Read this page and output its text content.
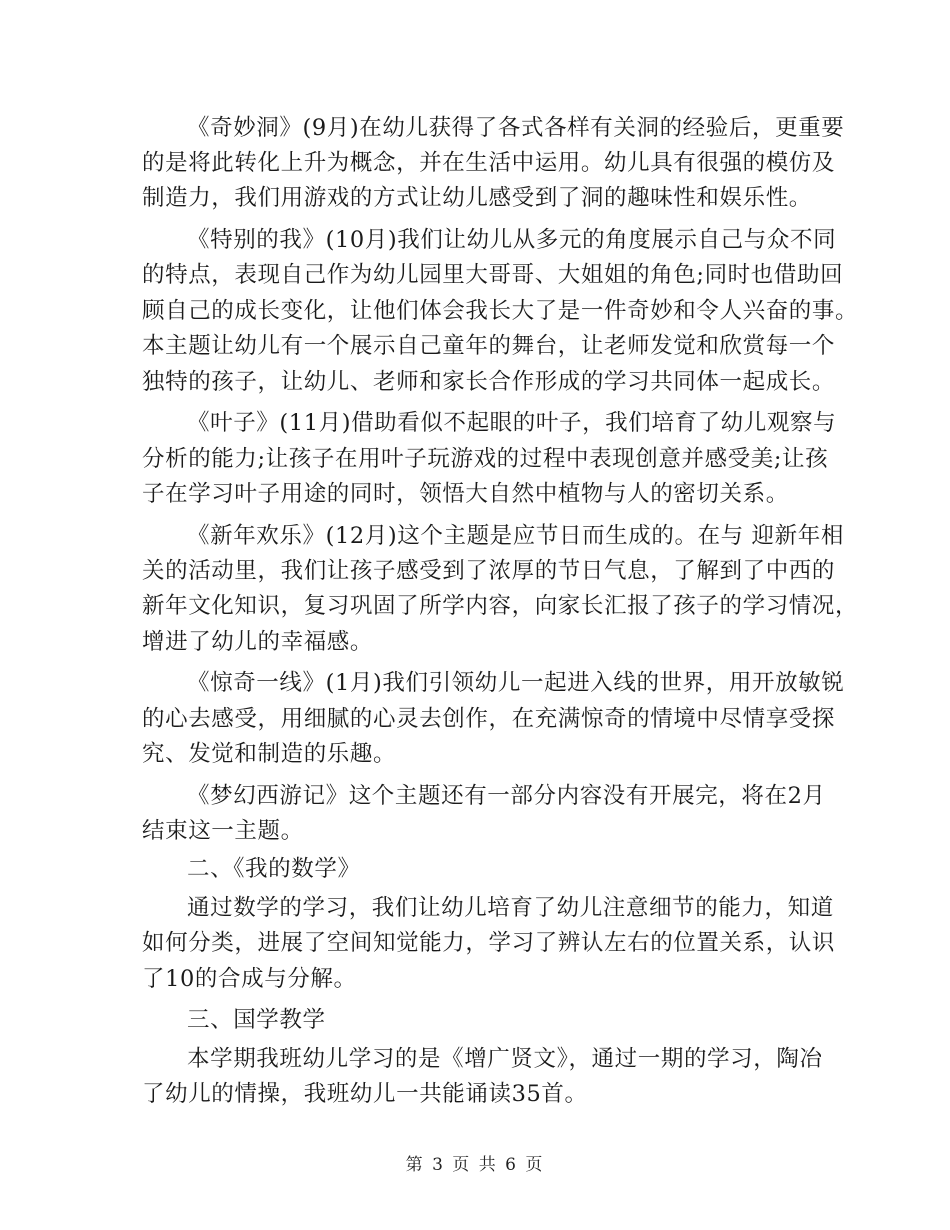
《奇妙洞》(9月)在幼儿获得了各式各样有关洞的经验后，更重要
的是将此转化上升为概念，并在生活中运用。幼儿具有很强的模仿及
制造力，我们用游戏的方式让幼儿感受到了洞的趣味性和娱乐性。
《特别的我》(10月)我们让幼儿从多元的角度展示自己与众不同
的特点，表现自己作为幼儿园里大哥哥、大姐姐的角色;同时也借助回
顾自己的成长变化，让他们体会我长大了是一件奇妙和令人兴奋的事。
本主题让幼儿有一个展示自己童年的舞台，让老师发觉和欣赏每一个
独特的孩子，让幼儿、老师和家长合作形成的学习共同体一起成长。
《叶子》(11月)借助看似不起眼的叶子，我们培育了幼儿观察与
分析的能力;让孩子在用叶子玩游戏的过程中表现创意并感受美;让孩
子在学习叶子用途的同时，领悟大自然中植物与人的密切关系。
《新年欢乐》(12月)这个主题是应节日而生成的。在与 迎新年相
关的活动里，我们让孩子感受到了浓厚的节日气息，了解到了中西的
新年文化知识，复习巩固了所学内容，向家长汇报了孩子的学习情况，
增进了幼儿的幸福感。
《惊奇一线》(1月)我们引领幼儿一起进入线的世界，用开放敏锐
的心去感受，用细腻的心灵去创作，在充满惊奇的情境中尽情享受探
究、发觉和制造的乐趣。
《梦幻西游记》这个主题还有一部分内容没有开展完，将在2月
结束这一主题。
二、《我的数学》
通过数学的学习，我们让幼儿培育了幼儿注意细节的能力，知道
如何分类，进展了空间知觉能力，学习了辨认左右的位置关系，认识
了10的合成与分解。
三、国学教学
本学期我班幼儿学习的是《增广贤文》，通过一期的学习，陶冶
了幼儿的情操，我班幼儿一共能诵读35首。
第 3 页 共 6 页
